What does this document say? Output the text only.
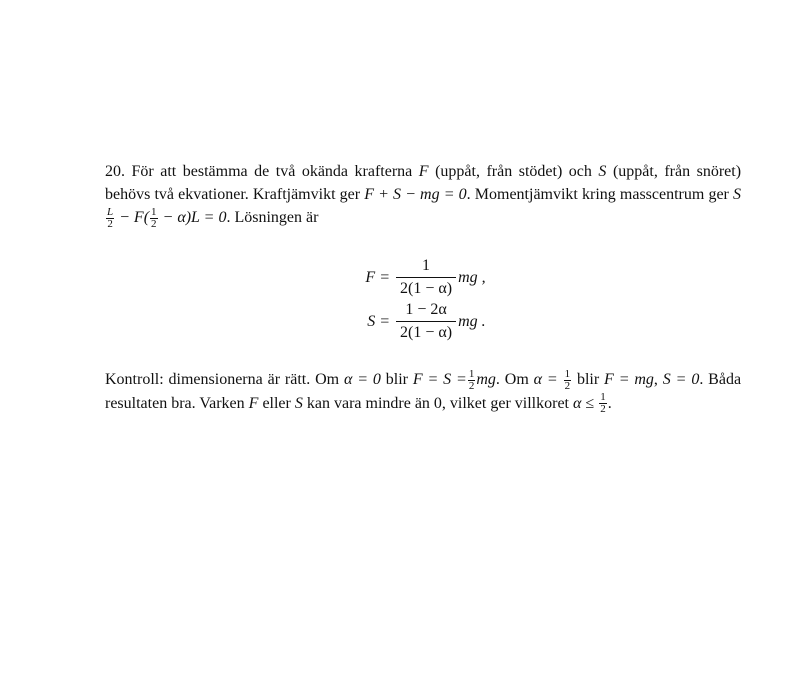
20. För att bestämma de två okända krafterna F (uppåt, från stödet) och S (uppåt, från snöret) behövs två ekvationer. Kraftjämvikt ger F + S − mg = 0. Momentjämvikt kring masscentrum ger S
$\frac{L}{2} - F( \frac{1}{2} - \alpha)L = 0$. Lösningen är

$F = \frac{1}{2(1 - \alpha)}$ mg ,
$S = \frac{1 - 2\alpha}{2(1 - \alpha)}$ mg .

Kontroll: dimensionerna är rätt. Om α = 0 blir $F = S = \frac{1}{2}$ mg. Om $\alpha = \frac{1}{2}$ blir F = mg, S = 0. Båda resultaten bra. Varken F eller S kan vara mindre än 0, vilket ger villkoret $\alpha \le \frac{1}{2}$ .
